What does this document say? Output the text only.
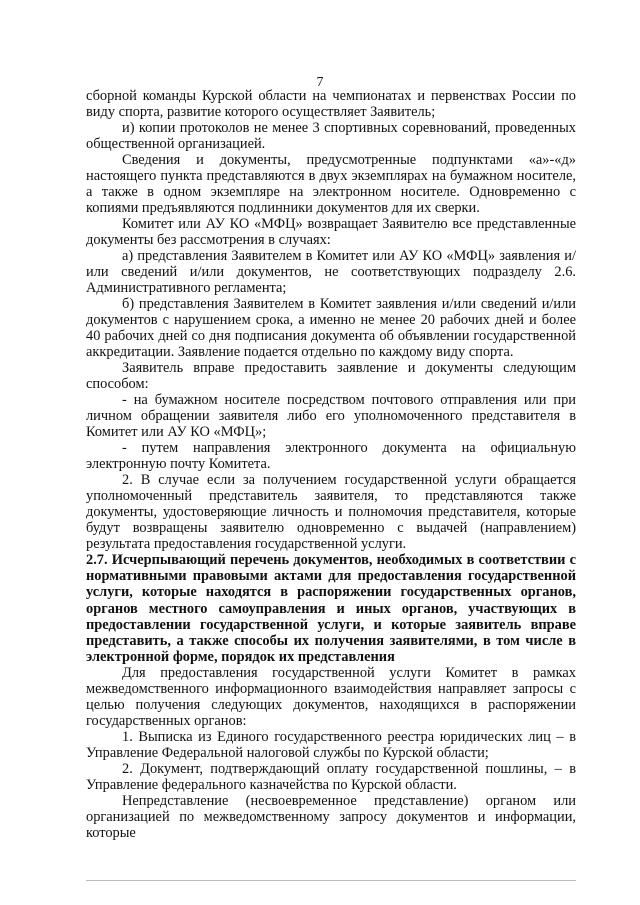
7

сборной команды Курской области на чемпионатах и первенствах России по виду спорта, развитие которого осуществляет Заявитель;

и) копии протоколов не менее 3 спортивных соревнований, проведенных общественной организацией.

Сведения и документы, предусмотренные подпунктами «а»-«д» настоящего пункта представляются в двух экземплярах на бумажном носителе, а также в одном экземпляре на электронном носителе. Одновременно с копиями предъявляются подлинники документов для их сверки.

Комитет или АУ КО «МФЦ» возвращает Заявителю все представленные документы без рассмотрения в случаях:

а) представления Заявителем в Комитет или АУ КО «МФЦ» заявления и/или сведений и/или документов, не соответствующих подразделу 2.6. Административного регламента;

б) представления Заявителем в Комитет заявления и/или сведений и/или документов с нарушением срока, а именно не менее 20 рабочих дней и более 40 рабочих дней со дня подписания документа об объявлении государственной аккредитации. Заявление подается отдельно по каждому виду спорта.

Заявитель вправе предоставить заявление и документы следующим способом:

- на бумажном носителе посредством почтового отправления или при личном обращении заявителя либо его уполномоченного представителя в Комитет или АУ КО «МФЦ»;

- путем направления электронного документа на официальную электронную почту Комитета.

2. В случае если за получением государственной услуги обращается уполномоченный представитель заявителя, то представляются также документы, удостоверяющие личность и полномочия представителя, которые будут возвращены заявителю одновременно с выдачей (направлением) результата предоставления государственной услуги.

2.7. Исчерпывающий перечень документов, необходимых в соответствии с нормативными правовыми актами для предоставления государственной услуги, которые находятся в распоряжении государственных органов, органов местного самоуправления и иных органов, участвующих в предоставлении государственной услуги, и которые заявитель вправе представить, а также способы их получения заявителями, в том числе в электронной форме, порядок их представления

Для предоставления государственной услуги Комитет в рамках межведомственного информационного взаимодействия направляет запросы с целью получения следующих документов, находящихся в распоряжении государственных органов:

1. Выписка из Единого государственного реестра юридических лиц – в Управление Федеральной налоговой службы по Курской области;

2. Документ, подтверждающий оплату государственной пошлины, – в Управление федерального казначейства по Курской области.

Непредставление (несвоевременное представление) органом или организацией по межведомственному запросу документов и информации, которые
